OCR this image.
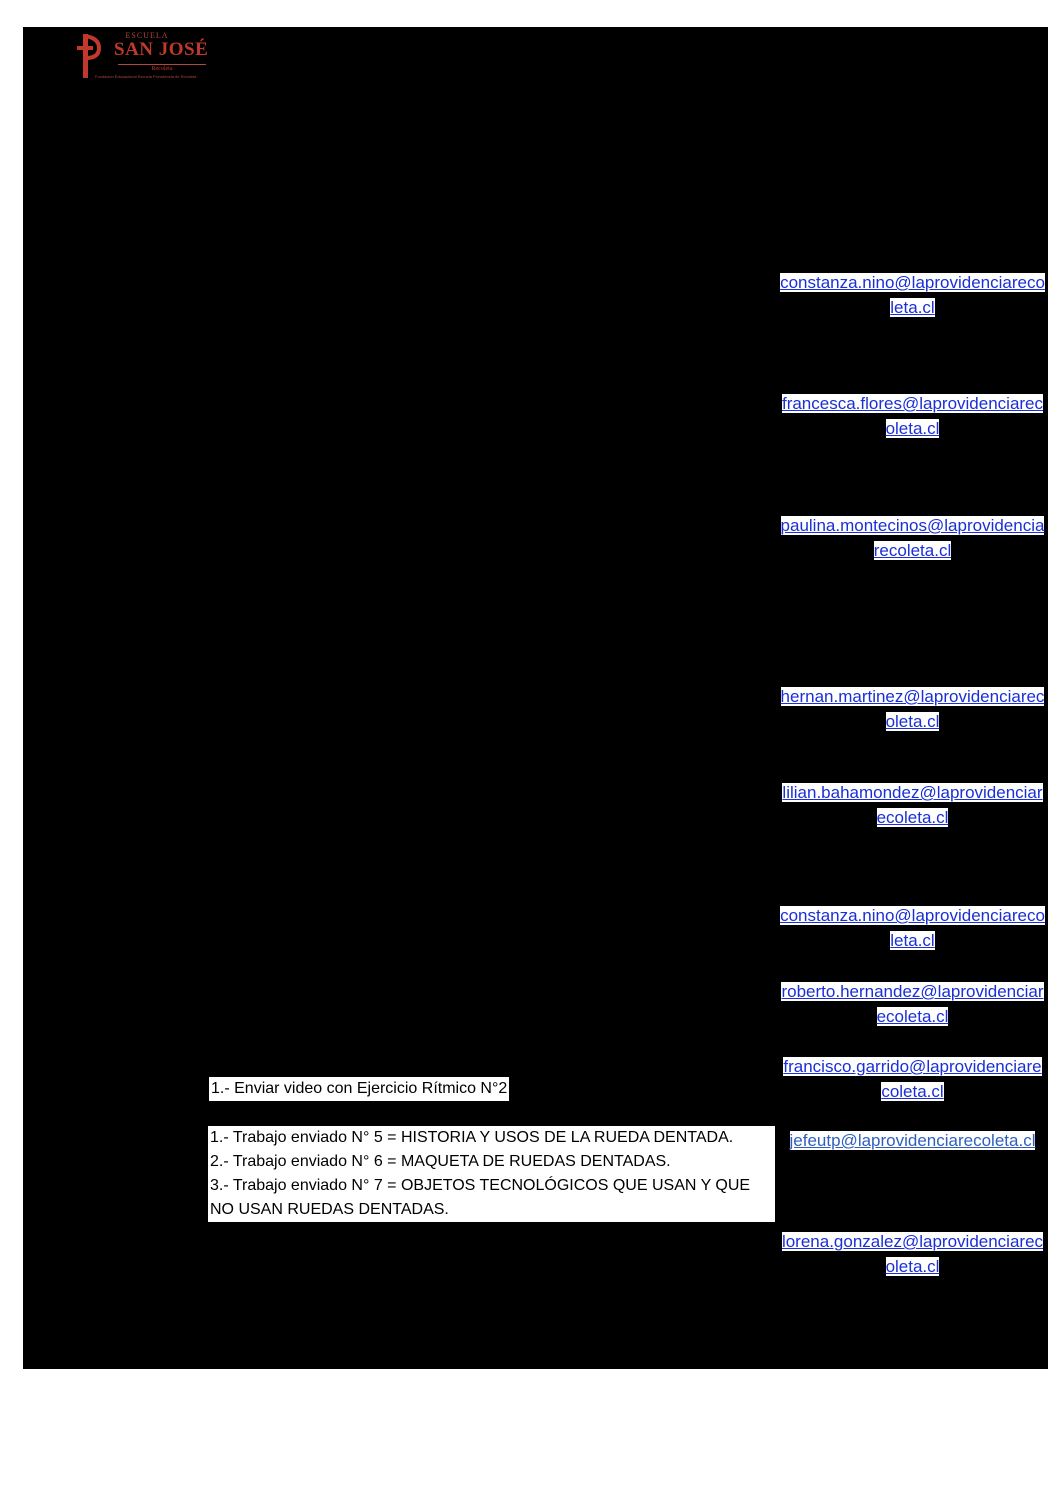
ESCUELA
SAN JOSÉ
Recoleta
Fundación Educacional Escuela Providencia de Recoleta
constanza.nino@laprovidenciarecoleta.cl
francesca.flores@laprovidenciarecoleta.cl
paulina.montecinos@laprovidenciarecoleta.cl
hernan.martinez@laprovidenciarecoleta.cl
lilian.bahamondez@laprovidenciarecoleta.cl
constanza.nino@laprovidenciarecoleta.cl
roberto.hernandez@laprovidenciarecoleta.cl
francisco.garrido@laprovidenciarecoleta.cl
jefeutp@laprovidenciarecoleta.cl
lorena.gonzalez@laprovidenciarecoleta.cl
1.- Enviar video con Ejercicio Rítmico N°2
1.- Trabajo enviado N° 5 = HISTORIA Y USOS DE LA RUEDA DENTADA.
2.- Trabajo enviado N° 6 = MAQUETA DE RUEDAS DENTADAS.
3.- Trabajo enviado N° 7 = OBJETOS TECNOLÓGICOS QUE USAN Y QUE NO USAN RUEDAS DENTADAS.
